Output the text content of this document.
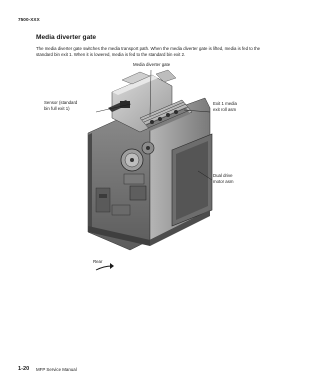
7500-XXX
Media diverter gate
The media diverter gate switches the media transport path. When the media diverter gate is lifted, media is fed to the standard bin exit 1. When it is lowered, media is fed to the standard bin exit 2.
Media diverter gate
Sensor (standard
bin full exit 1)
Exit 1 media
exit roll asm
Dual drive
motor asm
Rear
1-20 MFP Service Manual
